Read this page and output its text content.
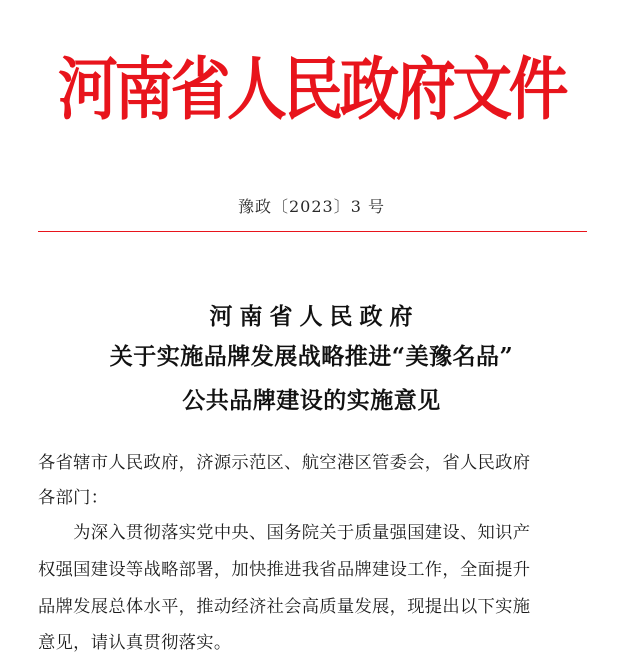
河南省人民政府文件
豫政〔2023〕3 号
河南省人民政府
关于实施品牌发展战略推进“美豫名品”
公共品牌建设的实施意见
各省辖市人民政府，济源示范区、航空港区管委会，省人民政府
各部门：
　　为深入贯彻落实党中央、国务院关于质量强国建设、知识产
权强国建设等战略部署，加快推进我省品牌建设工作，全面提升
品牌发展总体水平，推动经济社会高质量发展，现提出以下实施
意见，请认真贯彻落实。
